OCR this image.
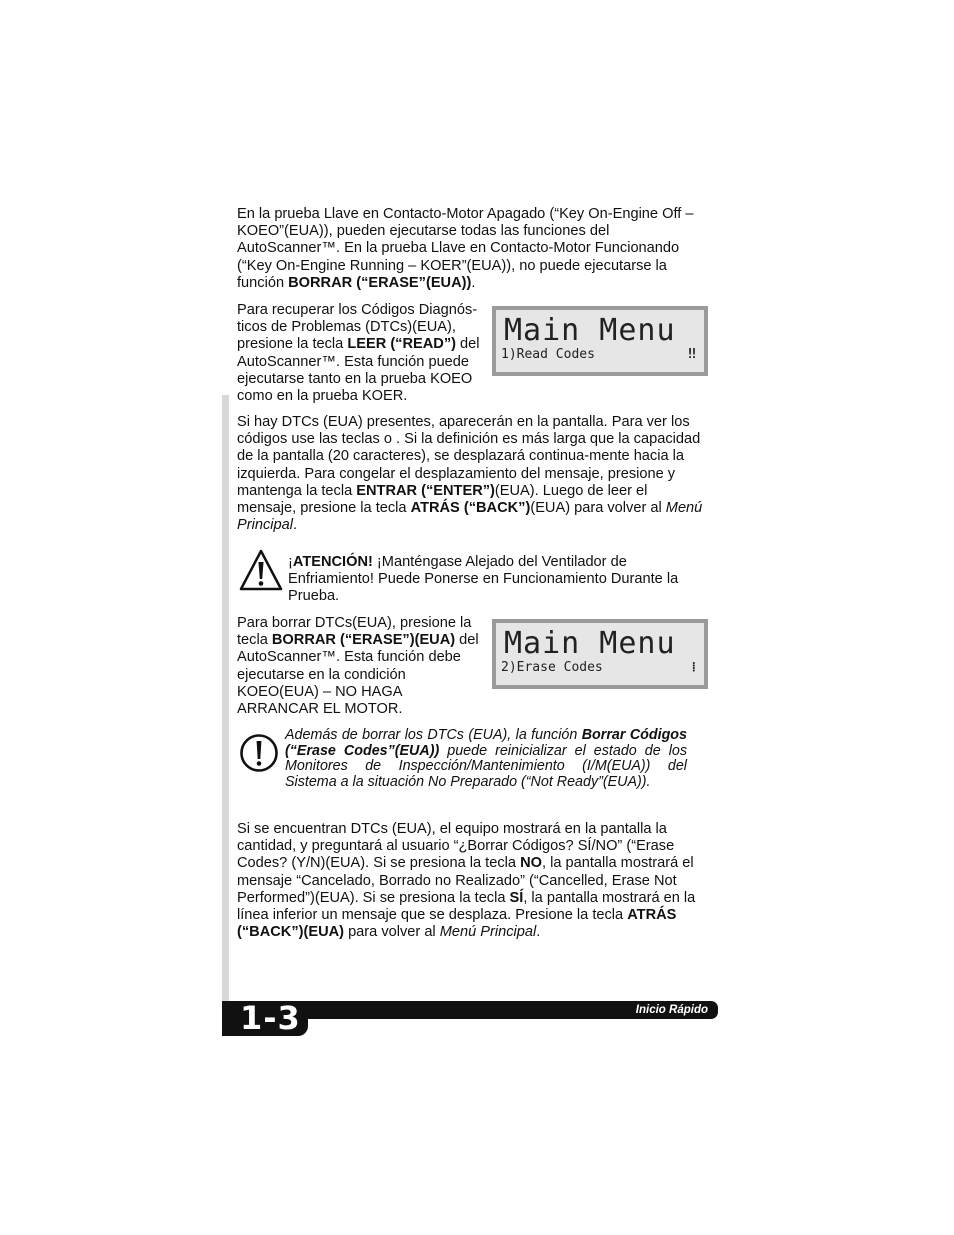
En la prueba Llave en Contacto-Motor Apagado (“Key On-Engine Off – KOEO”(EUA)), pueden ejecutarse todas las funciones del AutoScanner™. En la prueba Llave en Contacto-Motor Funcionando (“Key On-Engine Running – KOER”(EUA)), no puede ejecutarse la función BORRAR (“ERASE”(EUA)).

Para recuperar los Códigos Diagnós-ticos de Problemas (DTCs)(EUA), presione la tecla LEER (“READ”) del AutoScanner™. Esta función puede ejecutarse tanto en la prueba KOEO como en la prueba KOER.

Main Menu
1)Read Codes	‼

Si hay DTCs (EUA) presentes, aparecerán en la pantalla. Para ver los códigos use las teclas o . Si la definición es más larga que la capacidad de la pantalla (20 caracteres), se desplazará continua-mente hacia la izquierda. Para congelar el desplazamiento del mensaje, presione y mantenga la tecla ENTRAR (“ENTER”)(EUA). Luego de leer el mensaje, presione la tecla ATRÁS (“BACK”)(EUA) para volver al Menú Principal.

¡ATENCIÓN! ¡Manténgase Alejado del Ventilador de Enfriamiento! Puede Ponerse en Funcionamiento Durante la Prueba.

Para borrar DTCs(EUA), presione la tecla BORRAR (“ERASE”)(EUA) del AutoScanner™. Esta función debe ejecutarse en la condición KOEO(EUA) – NO HAGA ARRANCAR EL MOTOR.

Main Menu
2)Erase Codes	⁞

Además de borrar los DTCs (EUA), la función Borrar Códigos (“Erase Codes”(EUA)) puede reinicializar el estado de los Monitores de Inspección/Mantenimiento (I/M(EUA)) del Sistema a la situación No Preparado (“Not Ready”(EUA)).

Si se encuentran DTCs (EUA), el equipo mostrará en la pantalla la cantidad, y preguntará al usuario “¿Borrar Códigos? SÍ/NO” (“Erase Codes? (Y/N)(EUA). Si se presiona la tecla NO, la pantalla mostrará el mensaje “Cancelado, Borrado no Realizado” (“Cancelled, Erase Not Performed”)(EUA). Si se presiona la tecla SÍ, la pantalla mostrará en la línea inferior un mensaje que se desplaza. Presione la tecla ATRÁS (“BACK”)(EUA) para volver al Menú Principal.

Inicio Rápido
1-3
